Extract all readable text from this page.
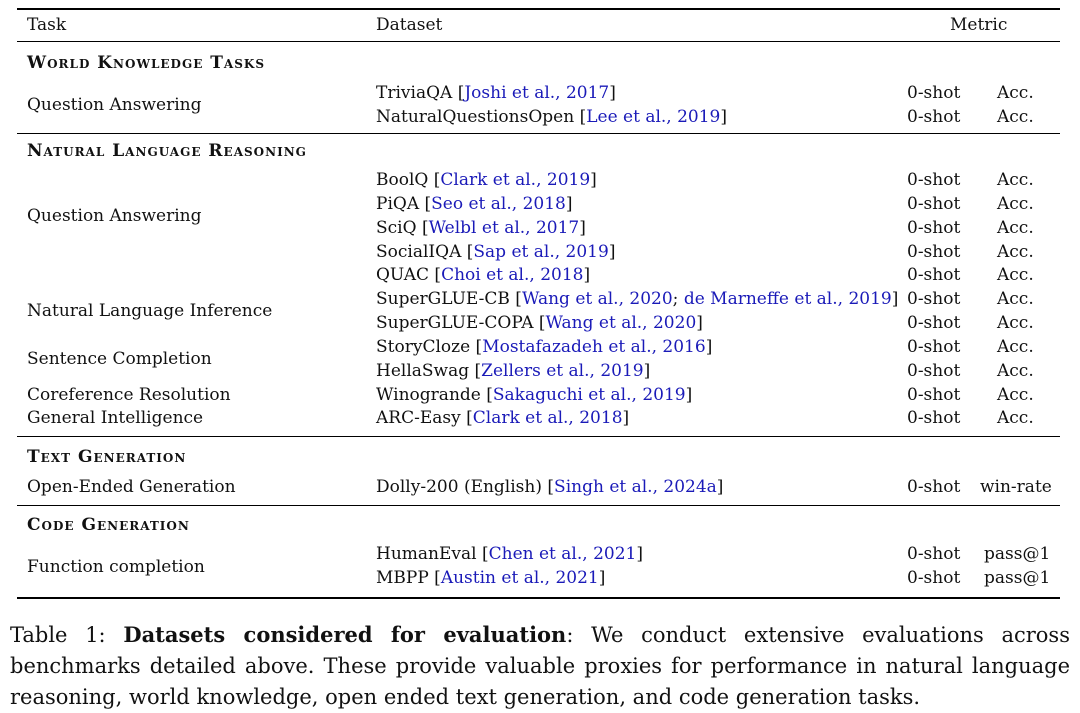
Task	Dataset	Metric
World Knowledge Tasks
Question Answering
TriviaQA [Joshi et al., 2017]	0-shot Acc.
NaturalQuestionsOpen [Lee et al., 2019]	0-shot Acc.
Natural Language Reasoning
Question Answering
BoolQ [Clark et al., 2019]	0-shot Acc.
PiQA [Seo et al., 2018]	0-shot Acc.
SciQ [Welbl et al., 2017]	0-shot Acc.
SocialIQA [Sap et al., 2019]	0-shot Acc.
QUAC [Choi et al., 2018]	0-shot Acc.
Natural Language Inference
SuperGLUE-CB [Wang et al., 2020; de Marneffe et al., 2019] 0-shot Acc.
SuperGLUE-COPA [Wang et al., 2020]	0-shot Acc.
Sentence Completion
StoryCloze [Mostafazadeh et al., 2016]	0-shot Acc.
HellaSwag [Zellers et al., 2019]	0-shot Acc.
Coreference Resolution	Winogrande [Sakaguchi et al., 2019]	0-shot Acc.
General Intelligence	ARC-Easy [Clark et al., 2018]	0-shot Acc.
Text Generation
Open-Ended Generation	Dolly-200 (English) [Singh et al., 2024a]	0-shot win-rate
Code Generation
Function completion
HumanEval [Chen et al., 2021]	0-shot pass@1
MBPP [Austin et al., 2021]	0-shot pass@1
Table 1: Datasets considered for evaluation: We conduct extensive evaluations across benchmarks detailed above. These provide valuable proxies for performance in natural language reasoning, world knowledge, open ended text generation, and code generation tasks.
